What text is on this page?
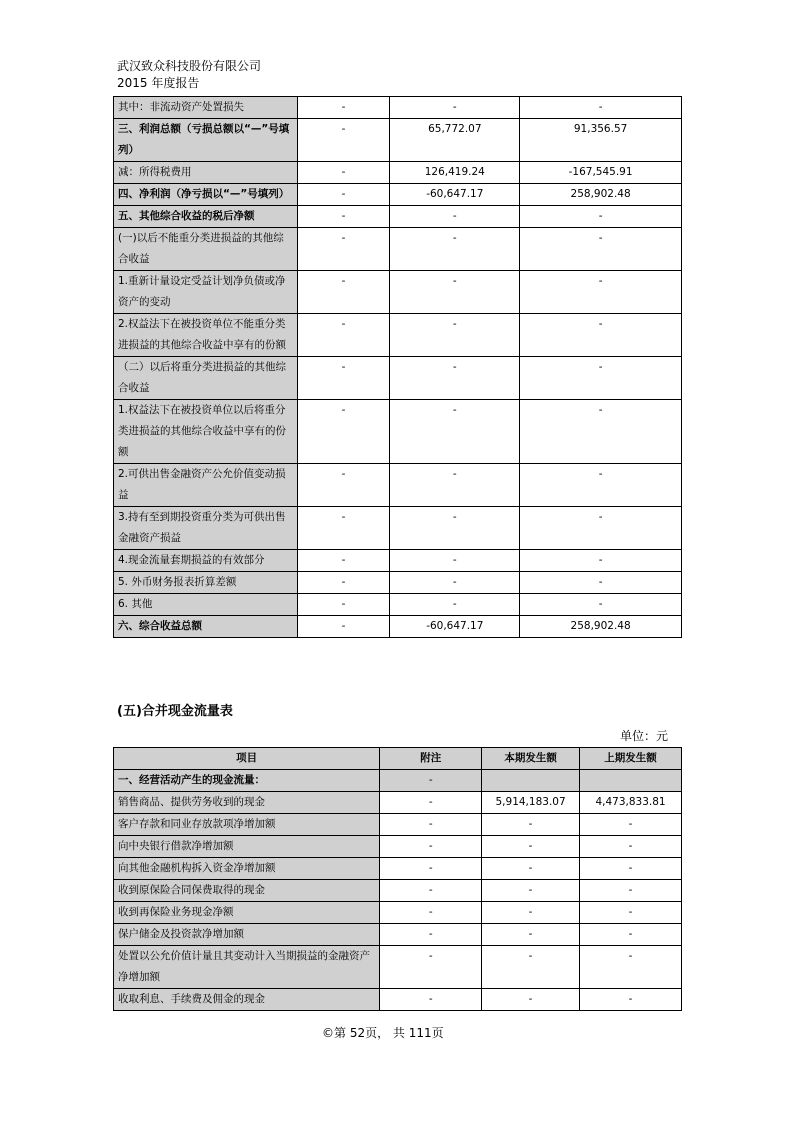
武汉致众科技股份有限公司
2015 年度报告
其中：非流动资产处置损失	-	-	-
三、利润总额（亏损总额以“—”号填列）	-	65,772.07	91,356.57
减：所得税费用	-	126,419.24	-167,545.91
四、净利润（净亏损以“—”号填列）	-	-60,647.17	258,902.48
五、其他综合收益的税后净额	-	-	-
(一)以后不能重分类进损益的其他综合收益	-	-	-
1.重新计量设定受益计划净负债或净资产的变动	-	-	-
2.权益法下在被投资单位不能重分类进损益的其他综合收益中享有的份额	-	-	-
（二）以后将重分类进损益的其他综合收益	-	-	-
1.权益法下在被投资单位以后将重分类进损益的其他综合收益中享有的份额	-	-	-
2.可供出售金融资产公允价值变动损益	-	-	-
3.持有至到期投资重分类为可供出售金融资产损益	-	-	-
4.现金流量套期损益的有效部分	-	-	-
5. 外币财务报表折算差额	-	-	-
6. 其他	-	-	-
六、综合收益总额	-	-60,647.17	258,902.48
(五)合并现金流量表
单位：元
项目	附注	本期发生额	上期发生额
一、经营活动产生的现金流量：	-		
销售商品、提供劳务收到的现金	-	5,914,183.07	4,473,833.81
客户存款和同业存放款项净增加额	-	-	-
向中央银行借款净增加额	-	-	-
向其他金融机构拆入资金净增加额	-	-	-
收到原保险合同保费取得的现金	-	-	-
收到再保险业务现金净额	-	-	-
保户储金及投资款净增加额	-	-	-
处置以公允价值计量且其变动计入当期损益的金融资产净增加额	-	-	-
收取利息、手续费及佣金的现金	-	-	-
©第 52页， 共 111页
